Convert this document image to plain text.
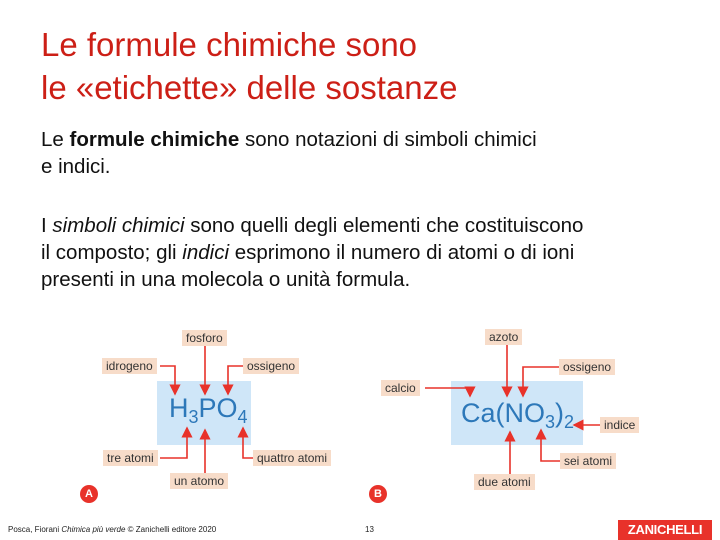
Le formule chimiche sono
le «etichette» delle sostanze
Le formule chimiche sono notazioni di simboli chimici
e indici.
I simboli chimici sono quelli degli elementi che costituiscono
il composto; gli indici esprimono il numero di atomi o di ioni
presenti in una molecola o unità formula.
$H_3PO_4$	$Ca(NO_3)_2$
fosforo
idrogeno	ossigeno
tre atomi	quattro atomi
un atomo
A
azoto
ossigeno
calcio
indice
sei atomi
due atomi
B
Posca, Fiorani Chimica più verde © Zanichelli editore 2020	13	ZANICHELLI
